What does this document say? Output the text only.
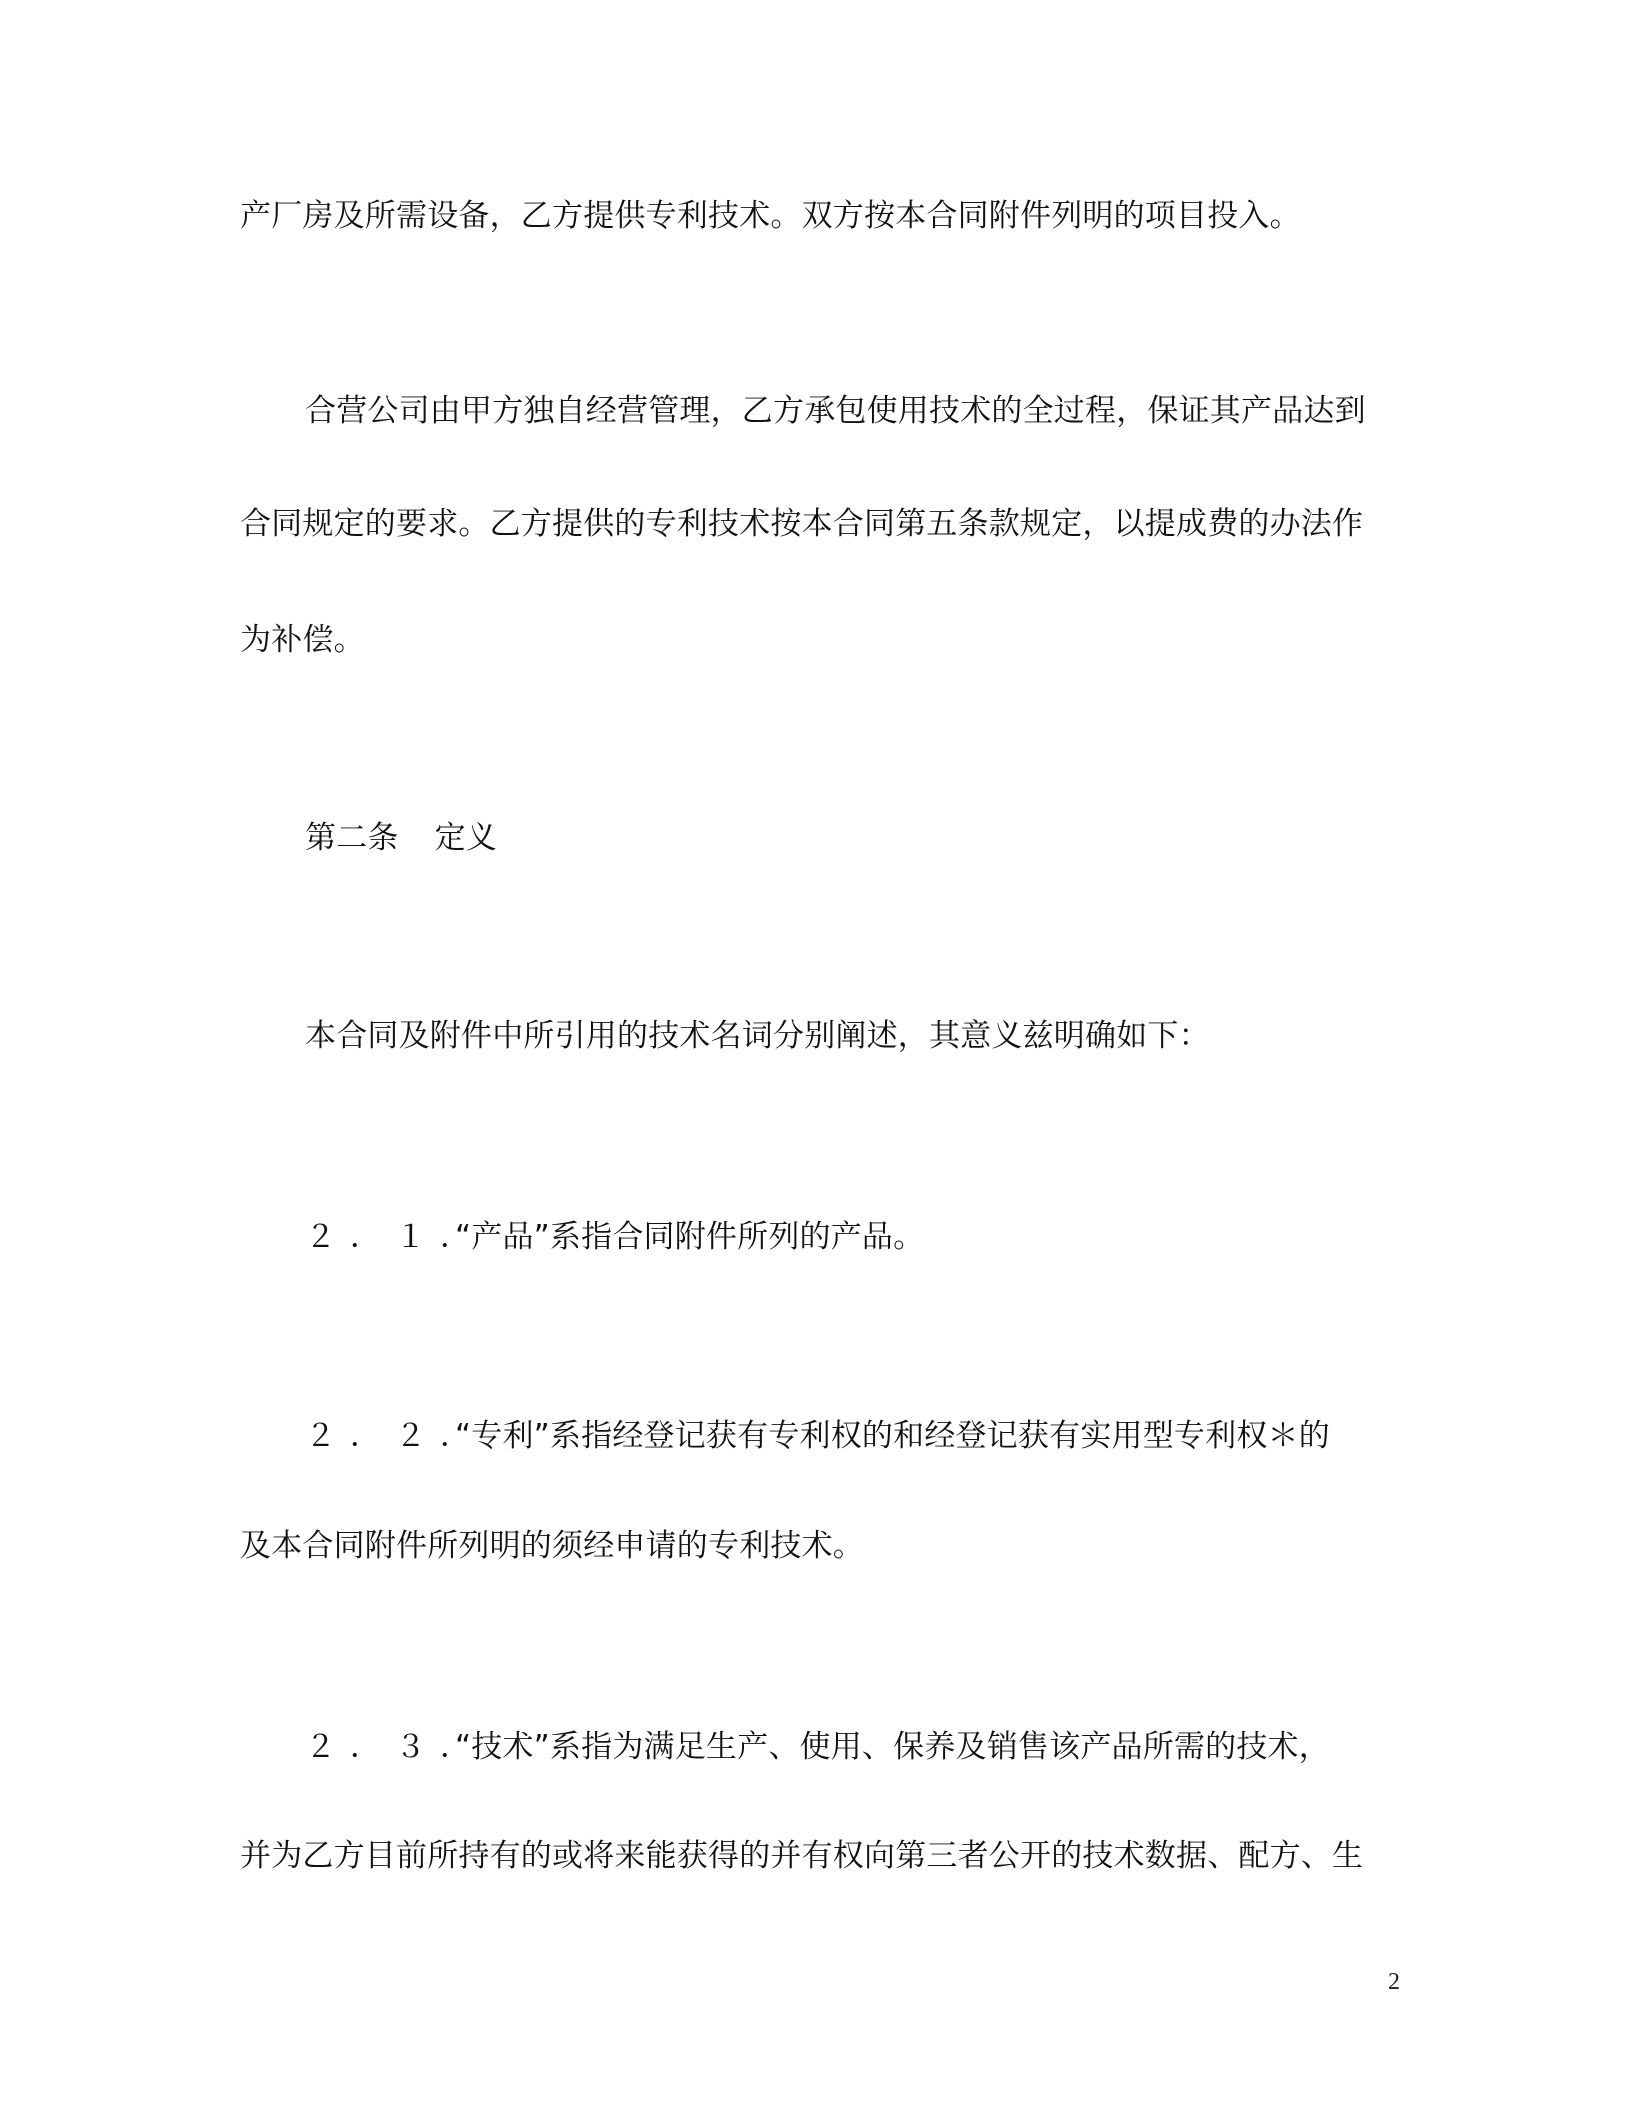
产厂房及所需设备，乙方提供专利技术。双方按本合同附件列明的项目投入。
合营公司由甲方独自经营管理，乙方承包使用技术的全过程，保证其产品达到
合同规定的要求。乙方提供的专利技术按本合同第五条款规定，以提成费的办法作
为补偿。
第二条 定义
本合同及附件中所引用的技术名词分别阐述，其意义兹明确如下：
２．１．“产品”系指合同附件所列的产品。
２．２．“专利”系指经登记获有专利权的和经登记获有实用型专利权＊的
及本合同附件所列明的须经申请的专利技术。
２．３．“技术”系指为满足生产、使用、保养及销售该产品所需的技术，
并为乙方目前所持有的或将来能获得的并有权向第三者公开的技术数据、配方、生
2
